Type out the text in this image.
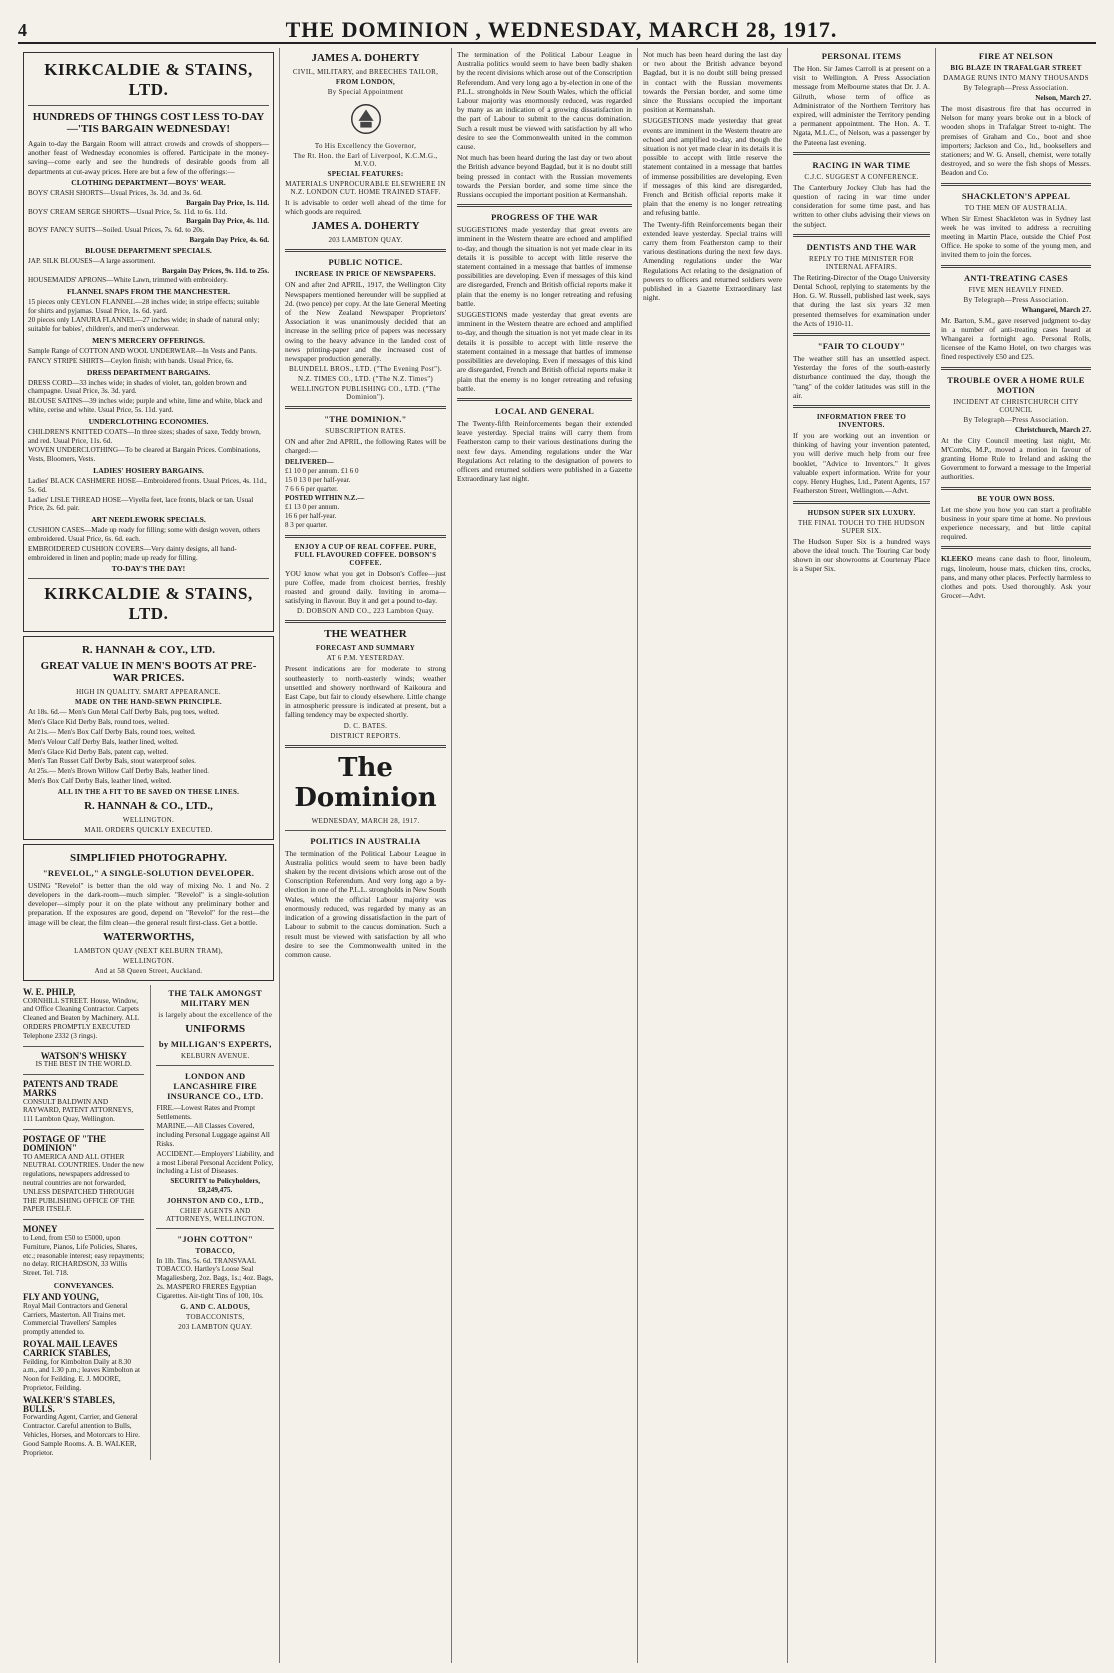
4	THE DOMINION , WEDNESDAY, MARCH 28, 1917.
KIRKCALDIE & STAINS, LTD.
HUNDREDS OF THINGS COST LESS TO-DAY —'TIS BARGAIN WEDNESDAY!
Again to-day the Bargain Room will attract crowds and crowds of shoppers—another feast of Wednesday economies is offered. Participate in the money-saving—come early and see the hundreds of desirable goods from all departments at cut-away prices. Here are but a few of the offerings:—
CLOTHING DEPARTMENT—BOYS' WEAR.
BOYS' CRASH SHORTS—Usual Prices, 3s. 3d. and 3s. 6d.
Bargain Day Price, 1s. 11d.
BOYS' CREAM SERGE SHORTS—Usual Price, 5s. 11d. to 6s. 11d.
Bargain Day Price, 4s. 11d.
BOYS' FANCY SUITS—Soiled. Usual Prices, 7s. 6d. to 20s.
Bargain Day Price, 4s. 6d.
BLOUSE DEPARTMENT SPECIALS.
JAP. SILK BLOUSES—A large assortment.
Bargain Day Prices, 9s. 11d. to 25s.
HOUSEMAIDS' APRONS—White Lawn, trimmed with embroidery.
FLANNEL SNAPS FROM THE MANCHESTER.
15 pieces only CEYLON FLANNEL—28 inches wide; in stripe effects; suitable for shirts and pyjamas. Usual Price, 1s. 6d. yard.
20 pieces only LANURA FLANNEL—27 inches wide; in shade of natural only; suitable for babies', children's, and men's underwear.
MEN'S MERCERY OFFERINGS.
Sample Range of COTTON AND WOOL UNDERWEAR—In Vests and Pants.
FANCY STRIPE SHIRTS—Ceylon finish; with bands. Usual Price, 6s.
DRESS DEPARTMENT BARGAINS.
DRESS CORD—33 inches wide; in shades of violet, tan, golden brown and champagne. Usual Price, 3s. 3d. yard.
BLOUSE SATINS—39 inches wide; purple and white, lime and white, black and white, cerise and white. Usual Price, 5s. 11d. yard.
UNDERCLOTHING ECONOMIES.
CHILDREN'S KNITTED COATS—In three sizes; shades of saxe, Teddy brown, and red. Usual Price, 11s. 6d.
WOVEN UNDERCLOTHING—To be cleared at Bargain Prices. Combinations, Vests, Bloomers, Vests.
LADIES' HOSIERY BARGAINS.
Ladies' BLACK CASHMERE HOSE—Embroidered fronts. Usual Prices, 4s. 11d., 5s. 6d.
Ladies' LISLE THREAD HOSE—Viyella feet, lace fronts, black or tan. Usual Price, 2s. 6d. pair.
ART NEEDLEWORK SPECIALS.
CUSHION CASES—Made up ready for filling; some with design woven, others embroidered. Usual Price, 6s. 6d. each.
EMBROIDERED CUSHION COVERS—Very dainty designs, all hand-embroidered in linen and poplin; made up ready for filling.
TO-DAY'S THE DAY!
KIRKCALDIE & STAINS, LTD.
R. HANNAH & COY., LTD.
GREAT VALUE IN MEN'S BOOTS AT PRE-WAR PRICES.
HIGH IN QUALITY. SMART APPEARANCE.
MADE ON THE HAND-SEWN PRINCIPLE.
At 18s. 6d.— Men's Gun Metal Calf Derby Bals, pug toes, welted.
Men's Glace Kid Derby Bals, round toes, welted.
At 21s.— Men's Box Calf Derby Bals, round toes, welted.
Men's Velour Calf Derby Bals, leather lined, welted.
Men's Glace Kid Derby Bals, patent cap, welted.
Men's Tan Russet Calf Derby Bals, stout waterproof soles.
At 25s.— Men's Brown Willow Calf Derby Bals, leather lined.
Men's Box Calf Derby Bals, leather lined, welted.
ALL IN THE A FIT TO BE SAVED ON THESE LINES.
R. HANNAH & CO., LTD.,
WELLINGTON.
MAIL ORDERS QUICKLY EXECUTED.
SIMPLIFIED PHOTOGRAPHY.
"REVELOL," A SINGLE-SOLUTION DEVELOPER.
USING "Revelol" is better than the old way of mixing No. 1 and No. 2 developers in the dark-room—much simpler. "Revelol" is a single-solution developer—simply pour it on the plate without any preliminary bother and preparation. If the exposures are good, depend on "Revelol" for the rest—the image will be clear, the film clean—the general result first-class. Get a bottle.
WATERWORTHS,
LAMBTON QUAY (NEXT KELBURN TRAM),
WELLINGTON.
And at 58 Queen Street, Auckland.
W. E. PHILP,
CORNHILL STREET. House, Window, and Office Cleaning Contractor. Carpets Cleaned and Beaten by Machinery. ALL ORDERS PROMPTLY EXECUTED Telephone 2332 (3 rings).
WATSON'S WHISKY
IS THE BEST IN THE WORLD.
PATENTS AND TRADE MARKS
CONSULT BALDWIN AND RAYWARD, PATENT ATTORNEYS, 111 Lambton Quay, Wellington.
POSTAGE OF "THE DOMINION"
TO AMERICA AND ALL OTHER NEUTRAL COUNTRIES. Under the new regulations, newspapers addressed to neutral countries are not forwarded, UNLESS DESPATCHED THROUGH THE PUBLISHING OFFICE OF THE PAPER ITSELF.
MONEY
to Lend, from £50 to £5000, upon Furniture, Pianos, Life Policies, Shares, etc.; reasonable interest; easy repayments; no delay. RICHARDSON, 33 Willis Street. Tel. 718.
CONVEYANCES.
FLY AND YOUNG,
Royal Mail Contractors and General Carriers, Masterton. All Trains met. Commercial Travellers' Samples promptly attended to.
ROYAL MAIL LEAVES CARRICK STABLES,
Feilding, for Kimbolton Daily at 8.30 a.m., and 1.30 p.m.; leaves Kimbolton at Noon for Feilding. E. J. MOORE, Proprietor, Feilding.
WALKER'S STABLES, BULLS.
Forwarding Agent, Carrier, and General Contractor. Careful attention to Bulls, Vehicles, Horses, and Motorcars to Hire. Good Sample Rooms. A. B. WALKER, Proprietor.
THE TALK AMONGST MILITARY MEN
is largely about the excellence of the
UNIFORMS
by MILLIGAN'S EXPERTS,
KELBURN AVENUE.
LONDON AND LANCASHIRE FIRE INSURANCE CO., LTD.
FIRE.—Lowest Rates and Prompt Settlements.
MARINE.—All Classes Covered, including Personal Luggage against All Risks.
ACCIDENT.—Employers' Liability, and a most Liberal Personal Accident Policy, including a List of Diseases.
SECURITY to Policyholders, £8,249,475.
JOHNSTON AND CO., LTD.,
CHIEF AGENTS AND ATTORNEYS, WELLINGTON.
"JOHN COTTON"
TOBACCO,
In 1lb. Tins, 5s. 6d. TRANSVAAL TOBACCO. Hartley's Loose Seal Magaliesberg, 2oz. Bags, 1s.; 4oz. Bags, 2s. MASPERO FRERES Egyptian Cigarettes. Air-tight Tins of 100, 10s.
G. AND C. ALDOUS,
TOBACCONISTS,
203 LAMBTON QUAY.
JAMES A. DOHERTY
CIVIL, MILITARY, and BREECHES TAILOR,
FROM LONDON,
By Special Appointment
To His Excellency the Governor,
The Rt. Hon. the Earl of Liverpool, K.C.M.G., M.V.O.
SPECIAL FEATURES:
MATERIALS UNPROCURABLE ELSEWHERE IN N.Z. LONDON CUT. HOME TRAINED STAFF.
It is advisable to order well ahead of the time for which goods are required.
JAMES A. DOHERTY
203 LAMBTON QUAY.
PUBLIC NOTICE.
INCREASE IN PRICE OF NEWSPAPERS.
ON and after 2nd APRIL, 1917, the Wellington City Newspapers mentioned hereunder will be supplied at 2d. (two pence) per copy. At the late General Meeting of the New Zealand Newspaper Proprietors' Association it was unanimously decided that an increase in the selling price of papers was necessary owing to the heavy advance in the landed cost of news printing-paper and the increased cost of newspaper production generally.
BLUNDELL BROS., LTD. ("The Evening Post").
N.Z. TIMES CO., LTD. ("The N.Z. Times")
WELLINGTON PUBLISHING CO., LTD. ("The Dominion").
"THE DOMINION."
SUBSCRIPTION RATES.
ON and after 2nd APRIL, the following Rates will be charged:—
DELIVERED—
£1 10 0 per annum. £1 6 0
15 0 13 0 per half-year.
7 6 6 6 per quarter.
POSTED WITHIN N.Z.—
£1 13 0 per annum.
16 6 per half-year.
8 3 per quarter.
ENJOY A CUP OF REAL COFFEE. PURE, FULL FLAVOURED COFFEE. DOBSON'S COFFEE.
YOU know what you get in Dobson's Coffee—just pure Coffee, made from choicest berries, freshly roasted and ground daily. Inviting in aroma—satisfying in flavour. Buy it and get a pound to-day.
D. DOBSON AND CO., 223 Lambton Quay.
THE WEATHER
FORECAST AND SUMMARY
AT 6 P.M. YESTERDAY.
Present indications are for moderate to strong southeasterly to north-easterly winds; weather unsettled and showery northward of Kaikoura and East Cape, but fair to cloudy elsewhere. Little change in atmospheric pressure is indicated at present, but a falling tendency may be expected shortly.
D. C. BATES.
DISTRICT REPORTS.
The Dominion
WEDNESDAY, MARCH 28, 1917.
POLITICS IN AUSTRALIA
The termination of the Political Labour League in Australia politics would seem to have been badly shaken by the recent divisions which arose out of the Conscription Referendum. And very long ago a by-election in one of the P.L.L. strongholds in New South Wales, which the official Labour majority was enormously reduced, was regarded by many as an indication of a growing dissatisfaction in the part of Labour to submit to the caucus domination. Such a result must be viewed with satisfaction by all who desire to see the Commonwealth united in the common cause.
The termination of the Political Labour League in Australia politics would seem to have been badly shaken by the recent divisions which arose out of the Conscription Referendum. And very long ago a by-election in one of the P.L.L. strongholds in New South Wales, which the official Labour majority was enormously reduced, was regarded by many as an indication of a growing dissatisfaction in the part of Labour to submit to the caucus domination. Such a result must be viewed with satisfaction by all who desire to see the Commonwealth united in the common cause.
Not much has been heard during the last day or two about the British advance beyond Bagdad, but it is no doubt still being pressed in contact with the Russian movements towards the Persian border, and some time since the Russians occupied the important position at Kermanshah.
PROGRESS OF THE WAR
SUGGESTIONS made yesterday that great events are imminent in the Western theatre are echoed and amplified to-day, and though the situation is not yet made clear in its details it is possible to accept with little reserve the statement contained in a message that battles of immense possibilities are developing. Even if messages of this kind are disregarded, French and British official reports make it plain that the enemy is no longer retreating and refusing battle.
SUGGESTIONS made yesterday that great events are imminent in the Western theatre are echoed and amplified to-day, and though the situation is not yet made clear in its details it is possible to accept with little reserve the statement contained in a message that battles of immense possibilities are developing. Even if messages of this kind are disregarded, French and British official reports make it plain that the enemy is no longer retreating and refusing battle.
LOCAL AND GENERAL
The Twenty-fifth Reinforcements began their extended leave yesterday. Special trains will carry them from Featherston camp to their various destinations during the next few days. Amending regulations under the War Regulations Act relating to the designation of powers to officers and returned soldiers were published in a Gazette Extraordinary last night.
Not much has been heard during the last day or two about the British advance beyond Bagdad, but it is no doubt still being pressed in contact with the Russian movements towards the Persian border, and some time since the Russians occupied the important position at Kermanshah.
SUGGESTIONS made yesterday that great events are imminent in the Western theatre are echoed and amplified to-day, and though the situation is not yet made clear in its details it is possible to accept with little reserve the statement contained in a message that battles of immense possibilities are developing. Even if messages of this kind are disregarded, French and British official reports make it plain that the enemy is no longer retreating and refusing battle.
The Twenty-fifth Reinforcements began their extended leave yesterday. Special trains will carry them from Featherston camp to their various destinations during the next few days. Amending regulations under the War Regulations Act relating to the designation of powers to officers and returned soldiers were published in a Gazette Extraordinary last night.
PERSONAL ITEMS
The Hon. Sir James Carroll is at present on a visit to Wellington. A Press Association message from Melbourne states that Dr. J. A. Gilruth, whose term of office as Administrator of the Northern Territory has expired, will administer the Territory pending a permanent appointment. The Hon. A. T. Ngata, M.L.C., of Nelson, was a passenger by the Pateena last evening.
RACING IN WAR TIME
C.J.C. SUGGEST A CONFERENCE.
The Canterbury Jockey Club has had the question of racing in war time under consideration for some time past, and has written to other clubs advising their views on the subject.
DENTISTS AND THE WAR
REPLY TO THE MINISTER FOR INTERNAL AFFAIRS.
The Retiring-Director of the Otago University Dental School, replying to statements by the Hon. G. W. Russell, published last week, says that during the last six years 32 men presented themselves for examination under the Acts of 1910-11.
"FAIR TO CLOUDY"
The weather still has an unsettled aspect. Yesterday the fores of the south-easterly disturbance continued the day, though the "tang" of the colder latitudes was still in the air.
INFORMATION FREE TO INVENTORS.
If you are working out an invention or thinking of having your invention patented, you will derive much help from our free booklet, "Advice to Inventors." It gives valuable expert information. Write for your copy. Henry Hughes, Ltd., Patent Agents, 157 Featherston Street, Wellington.—Advt.
HUDSON SUPER SIX LUXURY.
THE FINAL TOUCH TO THE HUDSON SUPER SIX.
The Hudson Super Six is a hundred ways above the ideal touch. The Touring Car body shown in our showrooms at Courtenay Place is a Super Six.
FIRE AT NELSON
BIG BLAZE IN TRAFALGAR STREET
DAMAGE RUNS INTO MANY THOUSANDS
By Telegraph—Press Association.
Nelson, March 27.
The most disastrous fire that has occurred in Nelson for many years broke out in a block of wooden shops in Trafalgar Street to-night. The premises of Graham and Co., boot and shoe importers; Jackson and Co., ltd., booksellers and stationers; and W. G. Ansell, chemist, were totally destroyed, and so were the fish shops of Messrs. Beadon and Co.
SHACKLETON'S APPEAL
TO THE MEN OF AUSTRALIA.
When Sir Ernest Shackleton was in Sydney last week he was invited to address a recruiting meeting in Martin Place, outside the Chief Post Office. He spoke to some of the young men, and invited them to join the forces.
ANTI-TREATING CASES
FIVE MEN HEAVILY FINED.
By Telegraph—Press Association.
Whangarei, March 27.
Mr. Barton, S.M., gave reserved judgment to-day in a number of anti-treating cases heard at Whangarei a fortnight ago. Personal Rolls, licensee of the Kamo Hotel, on two charges was fined respectively £50 and £25.
TROUBLE OVER A HOME RULE MOTION
INCIDENT AT CHRISTCHURCH CITY COUNCIL
By Telegraph—Press Association.
Christchurch, March 27.
At the City Council meeting last night, Mr. M'Combs, M.P., moved a motion in favour of granting Home Rule to Ireland and asking the Government to forward a message to the Imperial authorities.
BE YOUR OWN BOSS.
Let me show you how you can start a profitable business in your spare time at home. No previous experience necessary, and but little capital required.
KLEEKO means cane dash to floor, linoleum, rugs, linoleum, house mats, chicken tins, crocks, pans, and many other places. Perfectly harmless to clothes and pots. Used thoroughly. Ask your Grocer—Advt.
